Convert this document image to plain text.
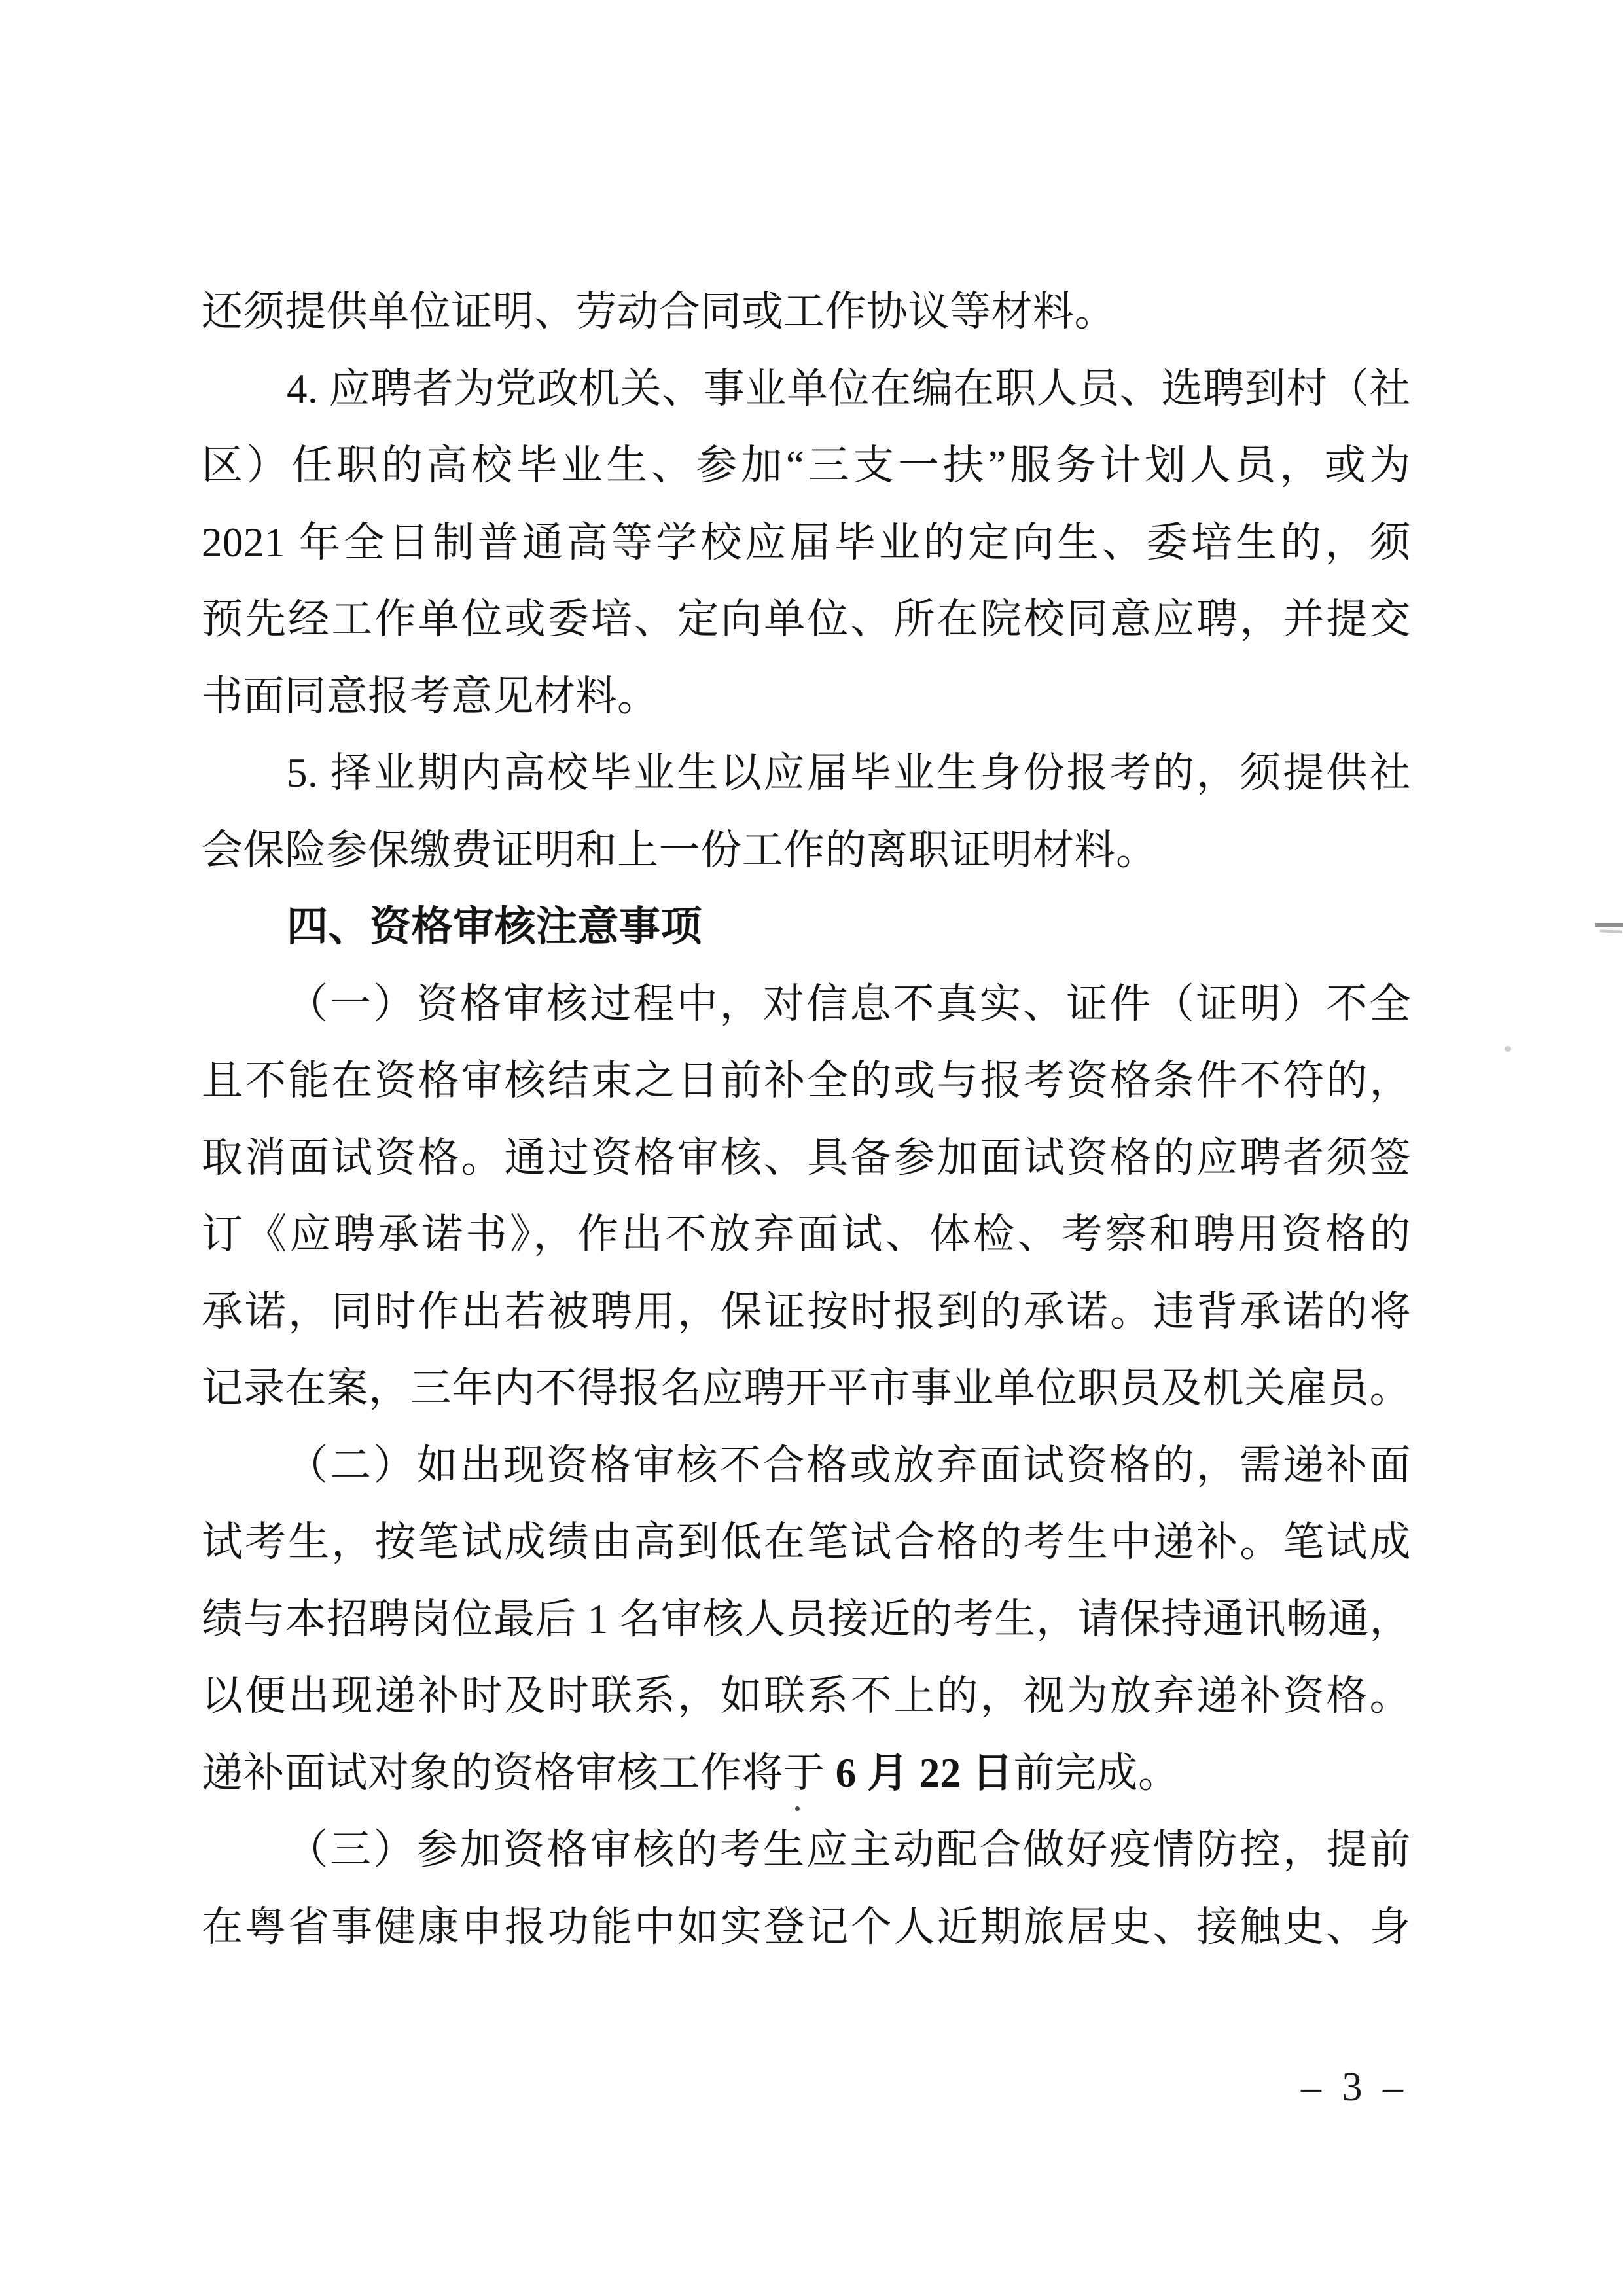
还须提供单位证明、劳动合同或工作协议等材料。
4. 应聘者为党政机关、事业单位在编在职人员、选聘到村（社
区）任职的高校毕业生、参加“三支一扶”服务计划人员，或为
2021 年全日制普通高等学校应届毕业的定向生、委培生的，须
预先经工作单位或委培、定向单位、所在院校同意应聘，并提交
书面同意报考意见材料。
5. 择业期内高校毕业生以应届毕业生身份报考的，须提供社
会保险参保缴费证明和上一份工作的离职证明材料。
四、资格审核注意事项
（一）资格审核过程中，对信息不真实、证件（证明）不全
且不能在资格审核结束之日前补全的或与报考资格条件不符的，
取消面试资格。通过资格审核、具备参加面试资格的应聘者须签
订《应聘承诺书》，作出不放弃面试、体检、考察和聘用资格的
承诺，同时作出若被聘用，保证按时报到的承诺。违背承诺的将
记录在案，三年内不得报名应聘开平市事业单位职员及机关雇员。
（二）如出现资格审核不合格或放弃面试资格的，需递补面
试考生，按笔试成绩由高到低在笔试合格的考生中递补。笔试成
绩与本招聘岗位最后 1 名审核人员接近的考生，请保持通讯畅通，
以便出现递补时及时联系，如联系不上的，视为放弃递补资格。
递补面试对象的资格审核工作将于 6 月 22 日前完成。
（三）参加资格审核的考生应主动配合做好疫情防控，提前
在粤省事健康申报功能中如实登记个人近期旅居史、接触史、身
– 3 –
